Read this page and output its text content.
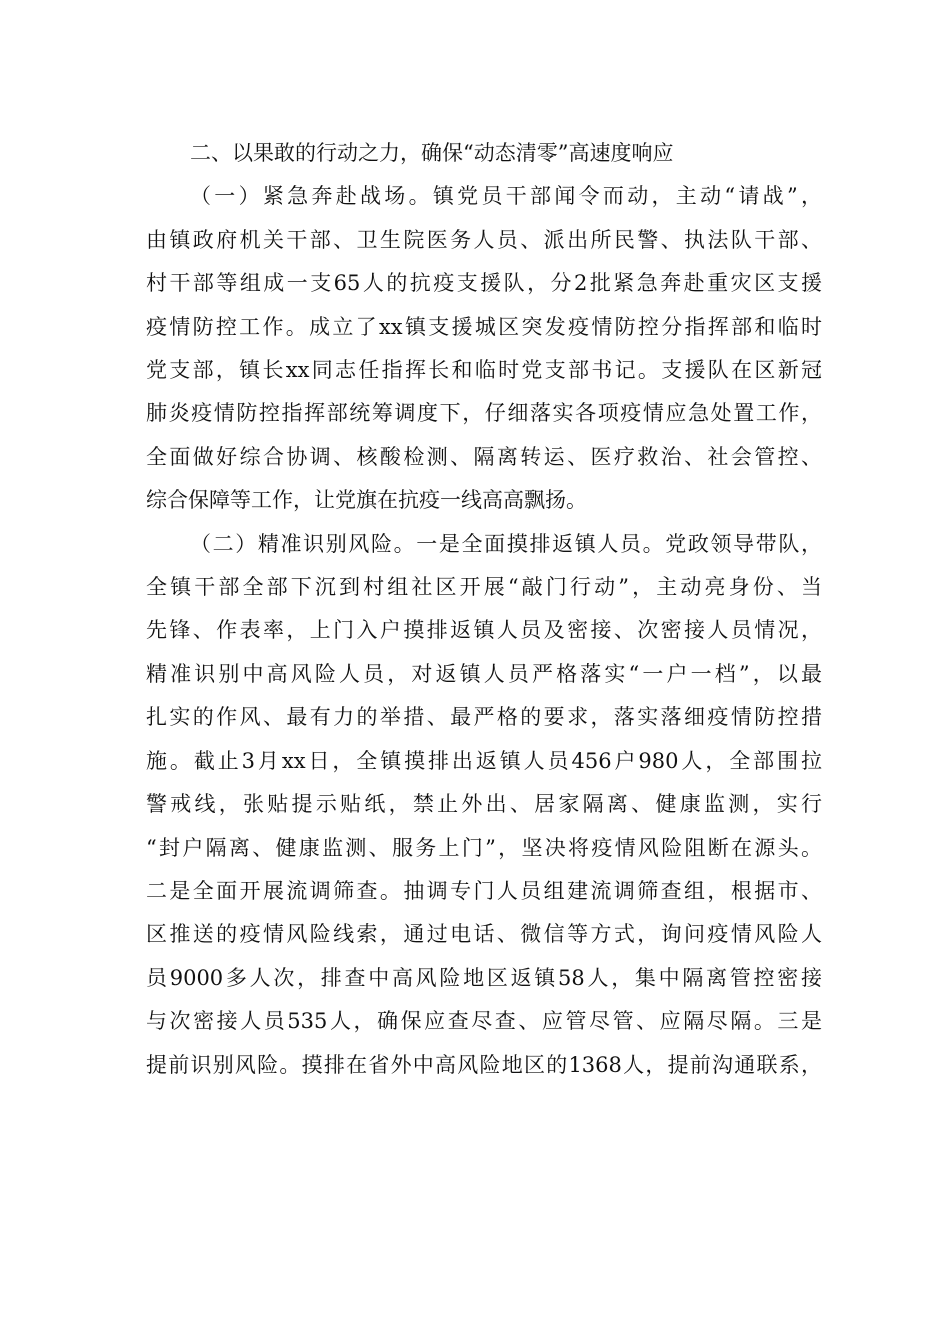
二、以果敢的行动之力，确保“动态清零”高速度响应
（一）紧急奔赴战场。镇党员干部闻令而动，主动“请战”，
由镇政府机关干部、卫生院医务人员、派出所民警、执法队干部、
村干部等组成一支65人的抗疫支援队，分2批紧急奔赴重灾区支援
疫情防控工作。成立了xx镇支援城区突发疫情防控分指挥部和临时
党支部，镇长xx同志任指挥长和临时党支部书记。支援队在区新冠
肺炎疫情防控指挥部统筹调度下，仔细落实各项疫情应急处置工作，
全面做好综合协调、核酸检测、隔离转运、医疗救治、社会管控、
综合保障等工作，让党旗在抗疫一线高高飘扬。
（二）精准识别风险。一是全面摸排返镇人员。党政领导带队，
全镇干部全部下沉到村组社区开展“敲门行动”，主动亮身份、当
先锋、作表率，上门入户摸排返镇人员及密接、次密接人员情况，
精准识别中高风险人员，对返镇人员严格落实“一户一档”，以最
扎实的作风、最有力的举措、最严格的要求，落实落细疫情防控措
施。截止3月xx日，全镇摸排出返镇人员456户980人，全部围拉
警戒线，张贴提示贴纸，禁止外出、居家隔离、健康监测，实行
“封户隔离、健康监测、服务上门”，坚决将疫情风险阻断在源头。
二是全面开展流调筛查。抽调专门人员组建流调筛查组，根据市、
区推送的疫情风险线索，通过电话、微信等方式，询问疫情风险人
员9000多人次，排查中高风险地区返镇58人，集中隔离管控密接
与次密接人员535人，确保应查尽查、应管尽管、应隔尽隔。三是
提前识别风险。摸排在省外中高风险地区的1368人，提前沟通联系，
